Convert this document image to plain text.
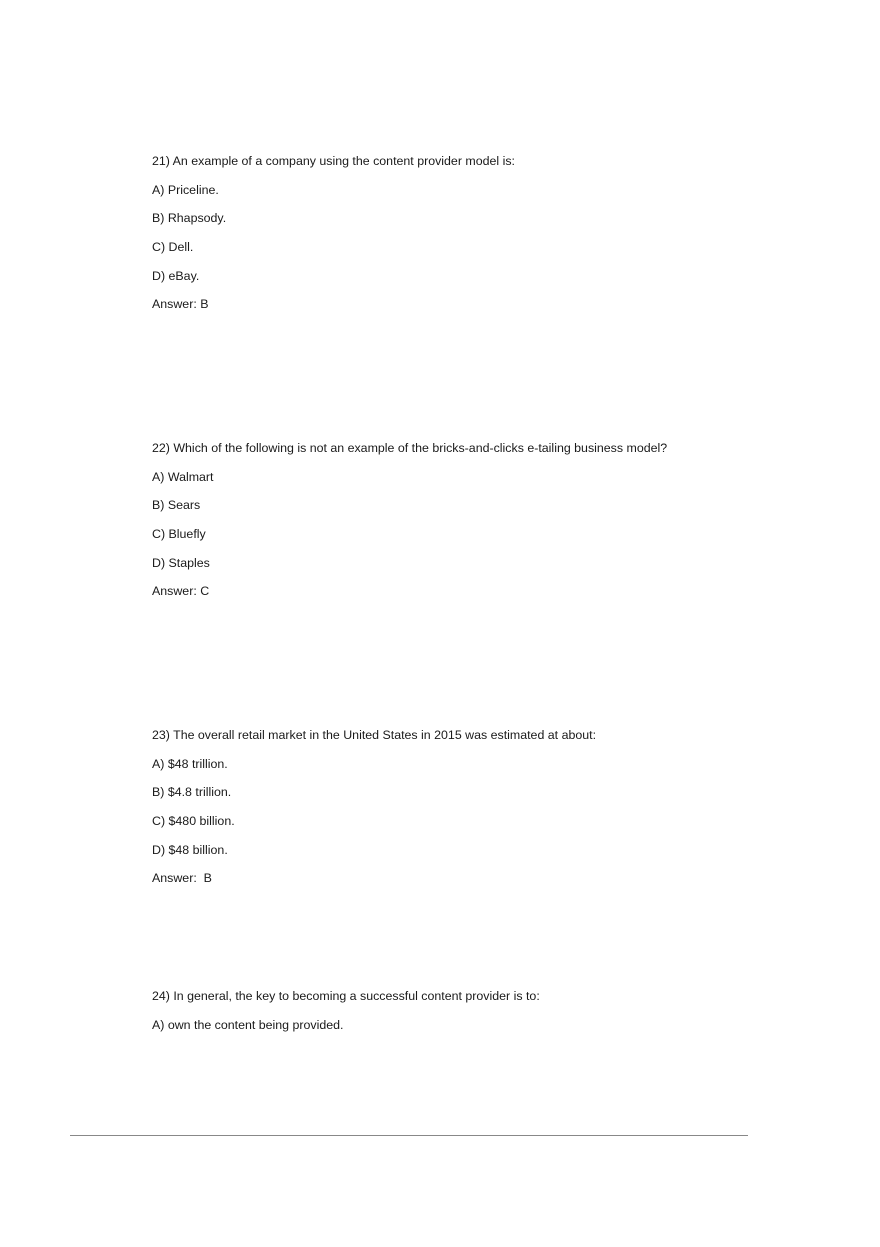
21) An example of a company using the content provider model is:
A) Priceline.
B) Rhapsody.
C) Dell.
D) eBay.
Answer: B
22) Which of the following is not an example of the bricks-and-clicks e-tailing business model?
A) Walmart
B) Sears
C) Bluefly
D) Staples
Answer: C
23) The overall retail market in the United States in 2015 was estimated at about:
A) $48 trillion.
B) $4.8 trillion.
C) $480 billion.
D) $48 billion.
Answer:  B
24) In general, the key to becoming a successful content provider is to:
A) own the content being provided.
